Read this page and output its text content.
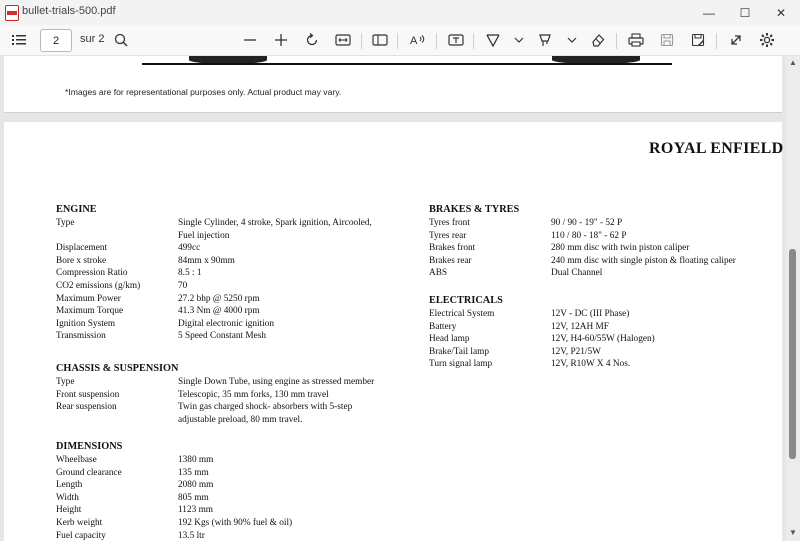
bullet-trials-500.pdf	—	☐	✕
2	sur 2	A
*Images are for representational purposes only. Actual product may vary.
ROYAL ENFIELD
ENGINE
Type	Single Cylinder, 4 stroke, Spark ignition, Aircooled,
Fuel injection
Displacement	499cc
Bore x stroke	84mm x 90mm
Compression Ratio	8.5 : 1
CO2 emissions (g/km)	70
Maximum Power	27.2 bhp @ 5250 rpm
Maximum Torque	41.3 Nm @ 4000 rpm
Ignition System	Digital electronic ignition
Transmission	5 Speed Constant Mesh
CHASSIS & SUSPENSION
Type	Single Down Tube, using engine as stressed member
Front suspension	Telescopic, 35 mm forks, 130 mm travel
Rear suspension	Twin gas charged shock- absorbers with 5-step
adjustable preload, 80 mm travel.
DIMENSIONS
Wheelbase	1380 mm
Ground clearance	135 mm
Length	2080 mm
Width	805 mm
Height	1123 mm
Kerb weight	192 Kgs (with 90% fuel & oil)
Fuel capacity	13.5 ltr
BRAKES & TYRES
Tyres front	90 / 90 - 19" - 52 P
Tyres rear	110 / 80 - 18" - 62 P
Brakes front	280 mm disc with twin piston caliper
Brakes rear	240 mm disc with single piston & floating caliper
ABS	Dual Channel
ELECTRICALS
Electrical System	12V - DC (III Phase)
Battery	12V, 12AH MF
Head lamp	12V, H4-60/55W (Halogen)
Brake/Tail lamp	12V, P21/5W
Turn signal lamp	12V, R10W X 4 Nos.
▲
▼
